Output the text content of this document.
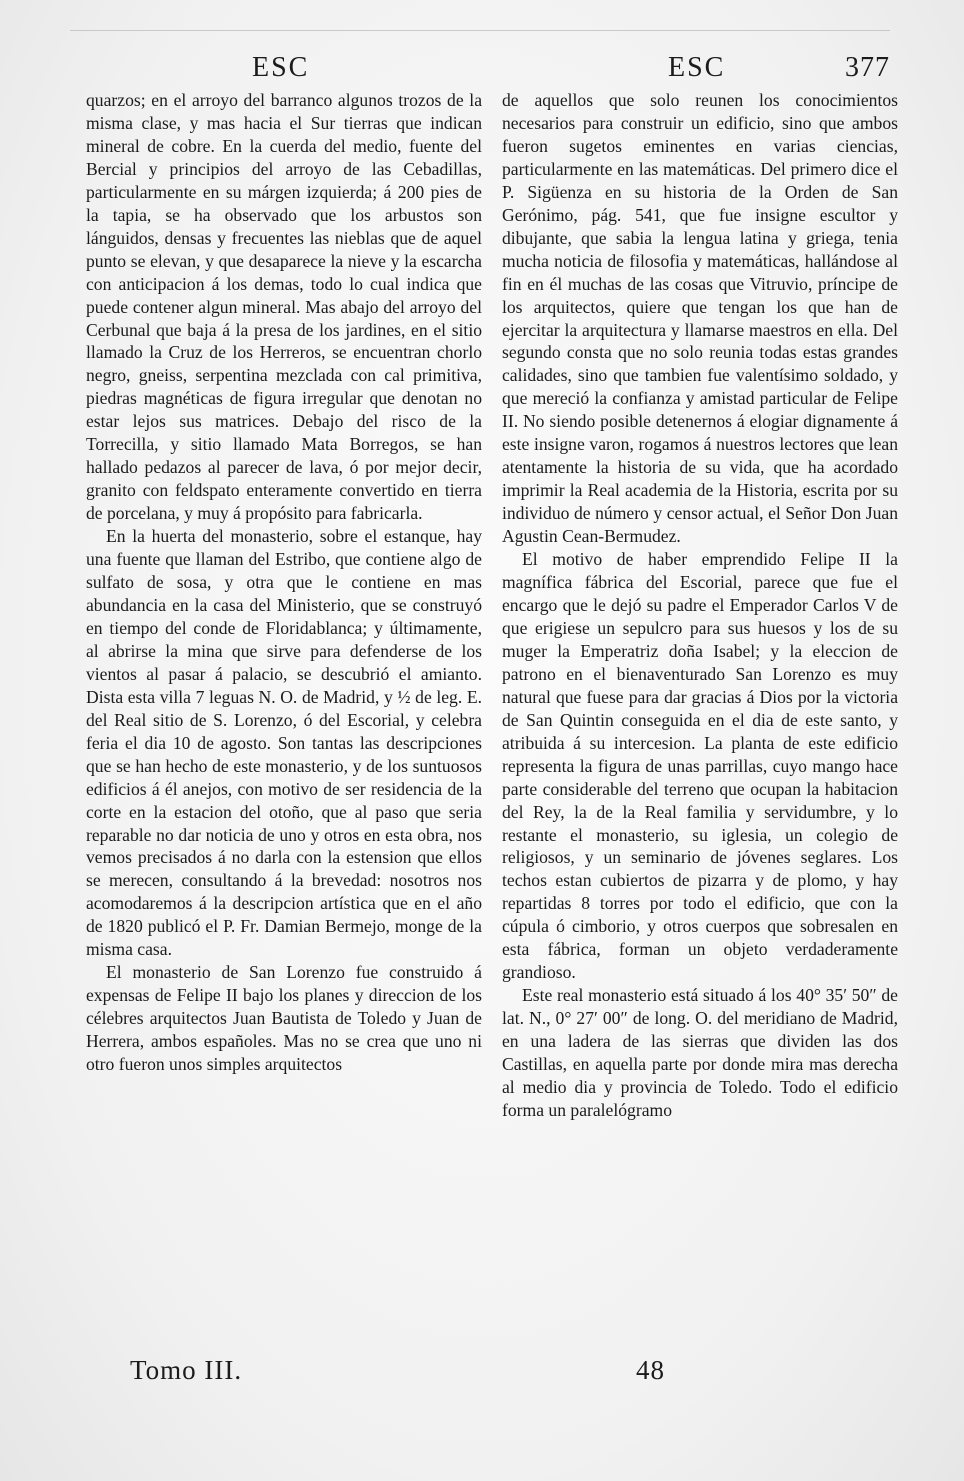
ESC	ESC	377

quarzos; en el arroyo del barranco algunos trozos de la misma clase, y mas hacia el Sur tierras que indican mineral de cobre. En la cuerda del medio, fuente del Bercial y principios del arroyo de las Cebadillas, particularmente en su márgen izquierda; á 200 pies de la tapia, se ha observado que los arbustos son lánguidos, densas y frecuentes las nieblas que de aquel punto se elevan, y que desaparece la nieve y la escarcha con anticipacion á los demas, todo lo cual indica que puede contener algun mineral. Mas abajo del arroyo del Cerbunal que baja á la presa de los jardines, en el sitio llamado la Cruz de los Herreros, se encuentran chorlo negro, gneiss, serpentina mezclada con cal primitiva, piedras magnéticas de figura irregular que denotan no estar lejos sus matrices. Debajo del risco de la Torrecilla, y sitio llamado Mata Borregos, se han hallado pedazos al parecer de lava, ó por mejor decir, granito con feldspato enteramente convertido en tierra de porcelana, y muy á propósito para fabricarla.

En la huerta del monasterio, sobre el estanque, hay una fuente que llaman del Estribo, que contiene algo de sulfato de sosa, y otra que le contiene en mas abundancia en la casa del Ministerio, que se construyó en tiempo del conde de Floridablanca; y últimamente, al abrirse la mina que sirve para defenderse de los vientos al pasar á palacio, se descubrió el amianto. Dista esta villa 7 leguas N. O. de Madrid, y ½ de leg. E. del Real sitio de S. Lorenzo, ó del Escorial, y celebra feria el dia 10 de agosto. Son tantas las descripciones que se han hecho de este monasterio, y de los suntuosos edificios á él anejos, con motivo de ser residencia de la corte en la estacion del otoño, que al paso que seria reparable no dar noticia de uno y otros en esta obra, nos vemos precisados á no darla con la estension que ellos se merecen, consultando á la brevedad: nosotros nos acomodaremos á la descripcion artística que en el año de 1820 publicó el P. Fr. Damian Bermejo, monge de la misma casa.

El monasterio de San Lorenzo fue construido á expensas de Felipe II bajo los planes y direccion de los célebres arquitectos Juan Bautista de Toledo y Juan de Herrera, ambos españoles. Mas no se crea que uno ni otro fueron unos simples arquitectos

de aquellos que solo reunen los conocimientos necesarios para construir un edificio, sino que ambos fueron sugetos eminentes en varias ciencias, particularmente en las matemáticas. Del primero dice el P. Sigüenza en su historia de la Orden de San Gerónimo, pág. 541, que fue insigne escultor y dibujante, que sabia la lengua latina y griega, tenia mucha noticia de filosofia y matemáticas, hallándose al fin en él muchas de las cosas que Vitruvio, príncipe de los arquitectos, quiere que tengan los que han de ejercitar la arquitectura y llamarse maestros en ella. Del segundo consta que no solo reunia todas estas grandes calidades, sino que tambien fue valentísimo soldado, y que mereció la confianza y amistad particular de Felipe II. No siendo posible detenernos á elogiar dignamente á este insigne varon, rogamos á nuestros lectores que lean atentamente la historia de su vida, que ha acordado imprimir la Real academia de la Historia, escrita por su individuo de número y censor actual, el Señor Don Juan Agustin Cean-Bermudez.

El motivo de haber emprendido Felipe II la magnífica fábrica del Escorial, parece que fue el encargo que le dejó su padre el Emperador Carlos V de que erigiese un sepulcro para sus huesos y los de su muger la Emperatriz doña Isabel; y la eleccion de patrono en el bienaventurado San Lorenzo es muy natural que fuese para dar gracias á Dios por la victoria de San Quintin conseguida en el dia de este santo, y atribuida á su intercesion. La planta de este edificio representa la figura de unas parrillas, cuyo mango hace parte considerable del terreno que ocupan la habitacion del Rey, la de la Real familia y servidumbre, y lo restante el monasterio, su iglesia, un colegio de religiosos, y un seminario de jóvenes seglares. Los techos estan cubiertos de pizarra y de plomo, y hay repartidas 8 torres por todo el edificio, que con la cúpula ó cimborio, y otros cuerpos que sobresalen en esta fábrica, forman un objeto verdaderamente grandioso.

Este real monasterio está situado á los 40° 35′ 50″ de lat. N., 0° 27′ 00″ de long. O. del meridiano de Madrid, en una ladera de las sierras que dividen las dos Castillas, en aquella parte por donde mira mas derecha al medio dia y provincia de Toledo. Todo el edificio forma un paralelógramo

Tomo III.	48
